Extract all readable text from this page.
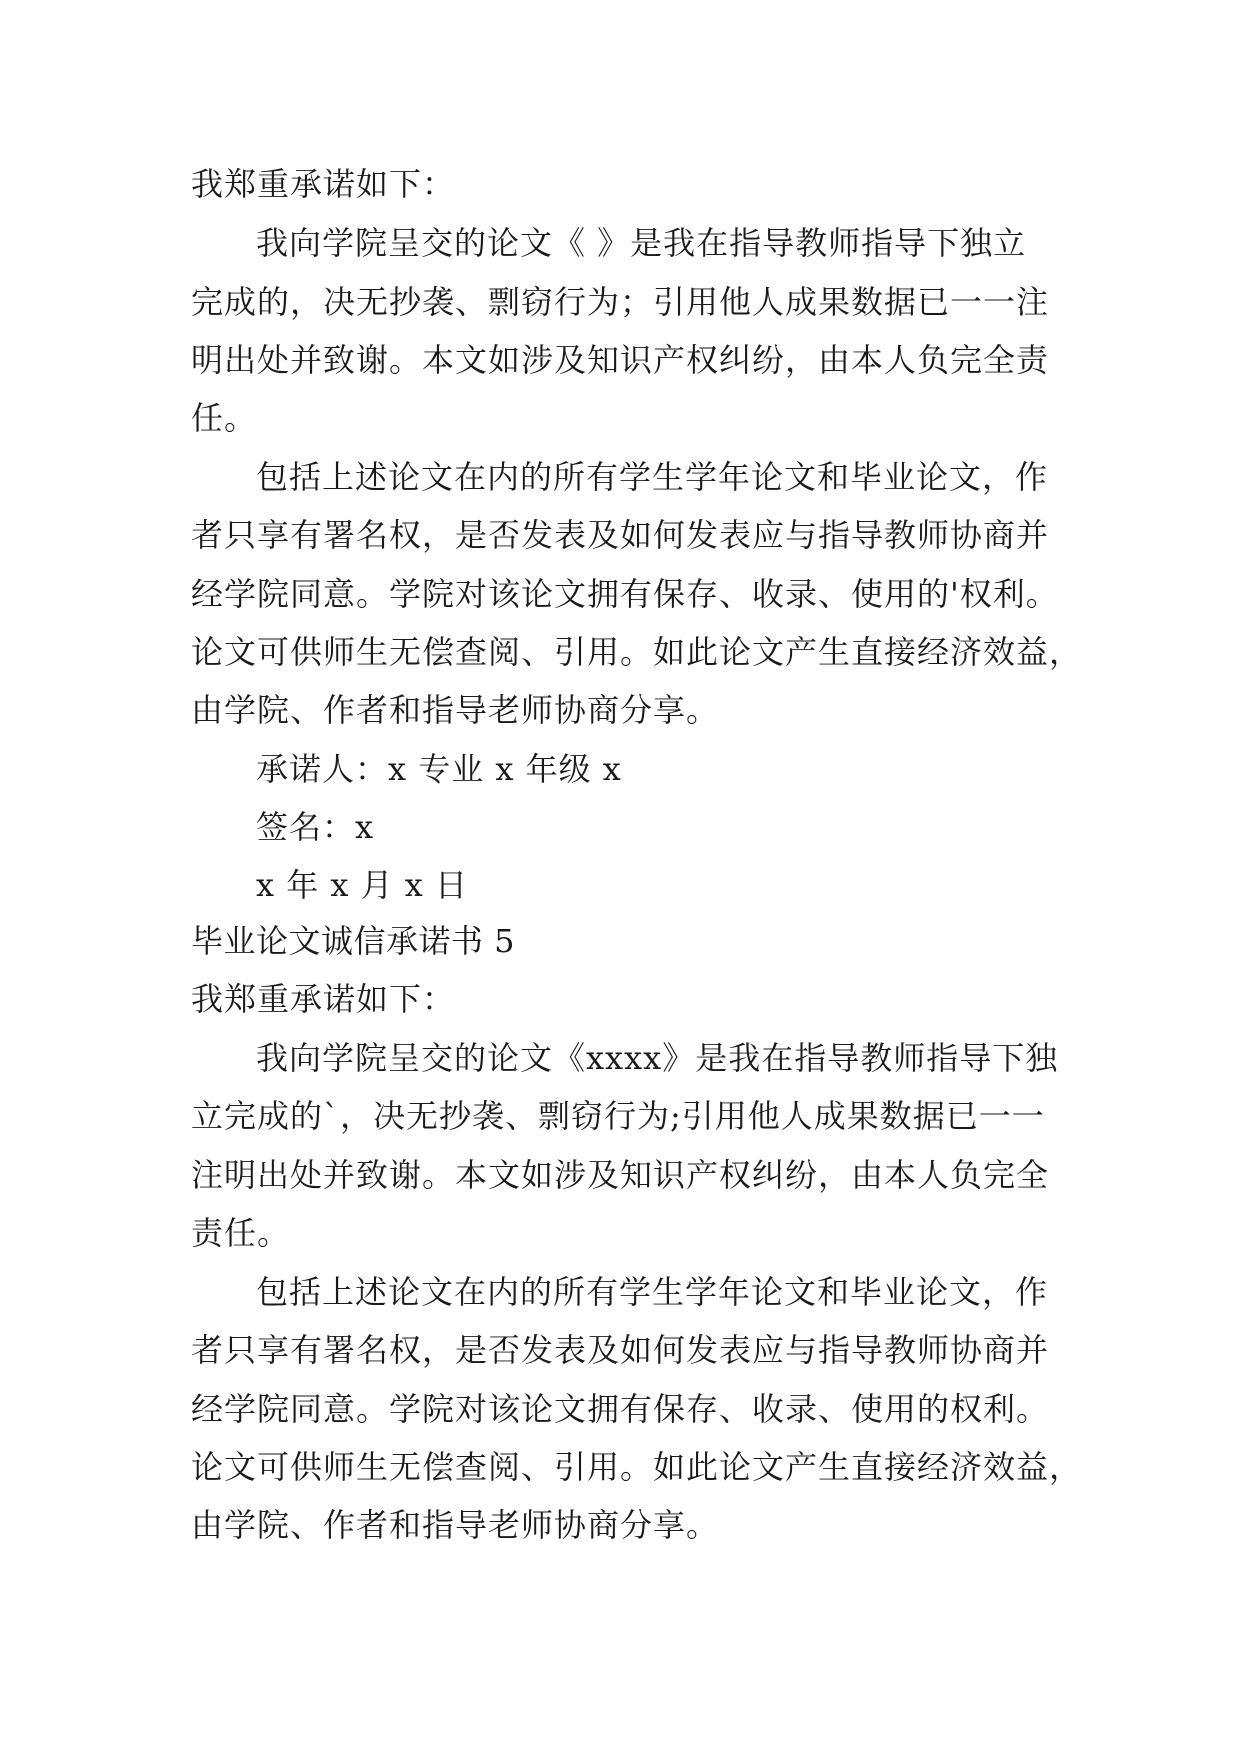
我郑重承诺如下：
我向学院呈交的论文《 》是我在指导教师指导下独立
完成的，决无抄袭、剽窃行为；引用他人成果数据已一一注
明出处并致谢。本文如涉及知识产权纠纷，由本人负完全责
任。
包括上述论文在内的所有学生学年论文和毕业论文，作
者只享有署名权，是否发表及如何发表应与指导教师协商并
经学院同意。学院对该论文拥有保存、收录、使用的'权利。
论文可供师生无偿查阅、引用。如此论文产生直接经济效益，
由学院、作者和指导老师协商分享。
承诺人：x 专业 x 年级 x
签名：x
x 年 x 月 x 日
毕业论文诚信承诺书 5
我郑重承诺如下：
我向学院呈交的论文《xxxx》是我在指导教师指导下独
立完成的`，决无抄袭、剽窃行为;引用他人成果数据已一一
注明出处并致谢。本文如涉及知识产权纠纷，由本人负完全
责任。
包括上述论文在内的所有学生学年论文和毕业论文，作
者只享有署名权，是否发表及如何发表应与指导教师协商并
经学院同意。学院对该论文拥有保存、收录、使用的权利。
论文可供师生无偿查阅、引用。如此论文产生直接经济效益，
由学院、作者和指导老师协商分享。
